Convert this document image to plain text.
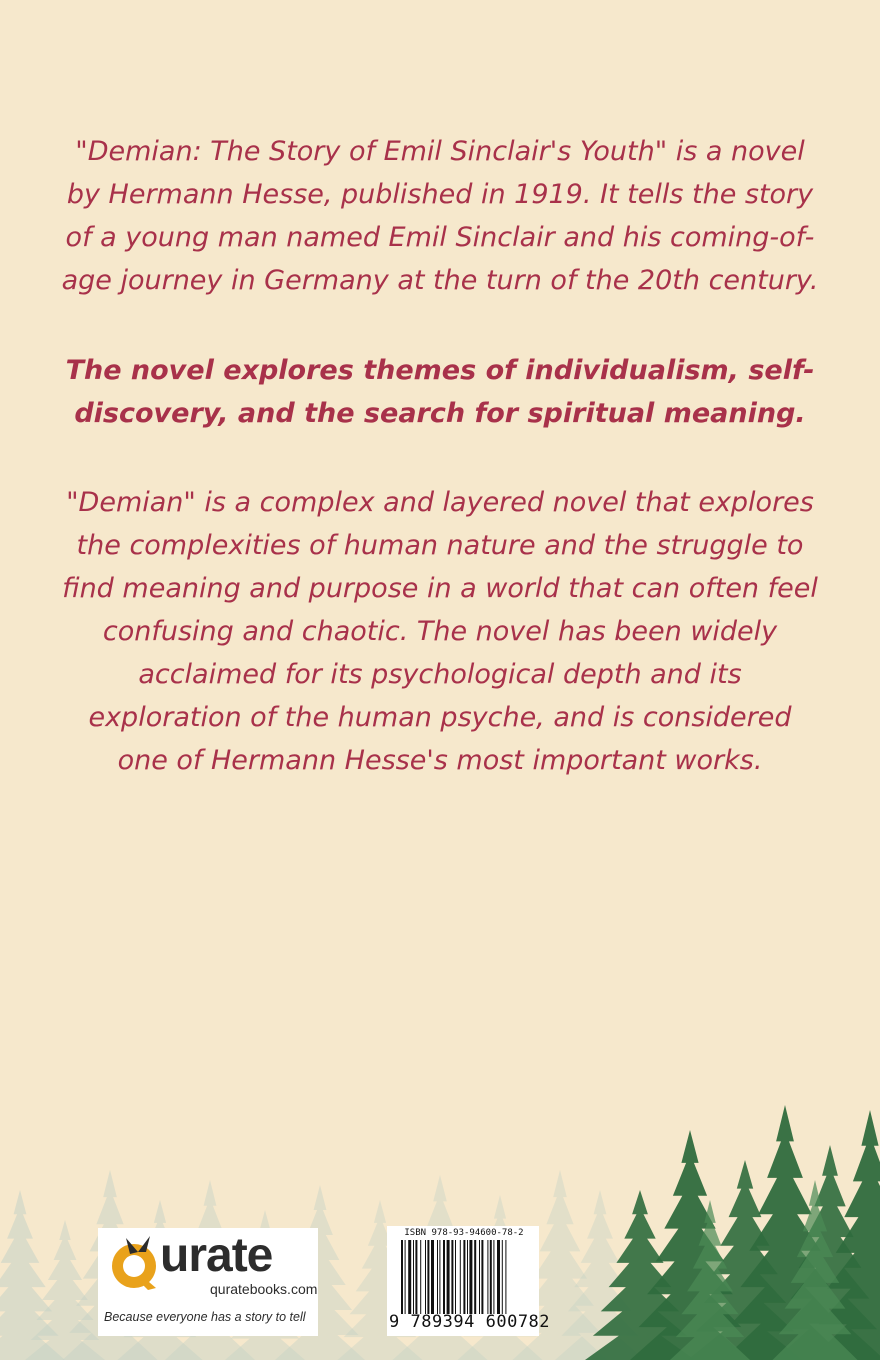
"Demian: The Story of Emil Sinclair's Youth" is a novel by Hermann Hesse, published in 1919. It tells the story of a young man named Emil Sinclair and his coming-of-age journey in Germany at the turn of the 20th century.

The novel explores themes of individualism, self-discovery, and the search for spiritual meaning.

"Demian" is a complex and layered novel that explores the complexities of human nature and the struggle to find meaning and purpose in a world that can often feel confusing and chaotic. The novel has been widely acclaimed for its psychological depth and its exploration of the human psyche, and is considered one of Hermann Hesse's most important works.

urate
quratebooks.com
Because everyone has a story to tell
ISBN 978-93-94600-78-2
9 789394 600782
